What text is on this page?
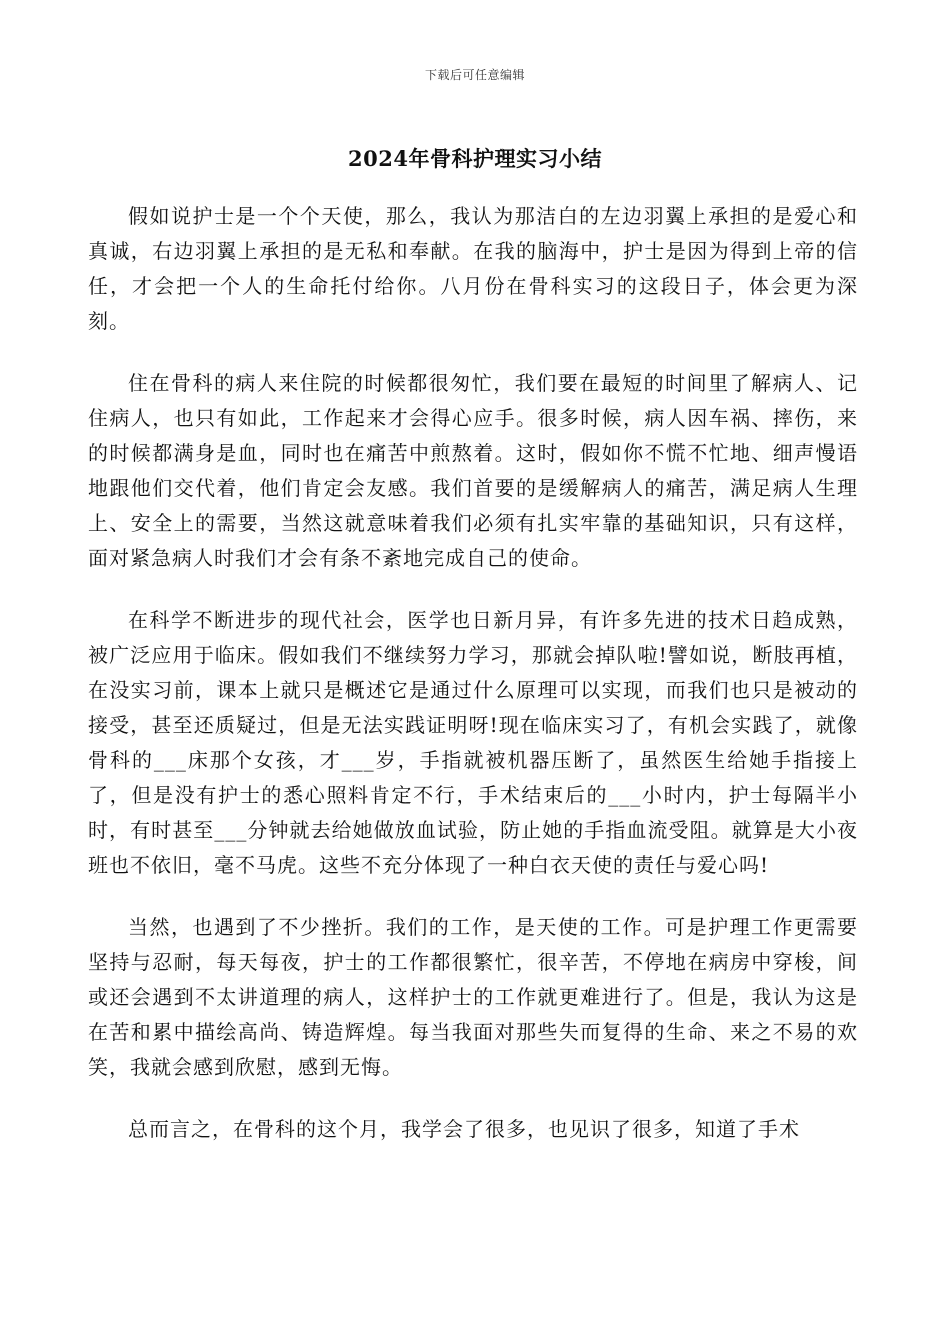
下载后可任意编辑
2024年骨科护理实习小结

假如说护士是一个个天使，那么，我认为那洁白的左边羽翼上承担的是爱心和真诚，右边羽翼上承担的是无私和奉献。在我的脑海中，护士是因为得到上帝的信任，才会把一个人的生命托付给你。八月份在骨科实习的这段日子，体会更为深刻。

住在骨科的病人来住院的时候都很匆忙，我们要在最短的时间里了解病人、记住病人，也只有如此，工作起来才会得心应手。很多时候，病人因车祸、摔伤，来的时候都满身是血，同时也在痛苦中煎熬着。这时，假如你不慌不忙地、细声慢语地跟他们交代着，他们肯定会友感。我们首要的是缓解病人的痛苦，满足病人生理上、安全上的需要，当然这就意味着我们必须有扎实牢靠的基础知识，只有这样，面对紧急病人时我们才会有条不紊地完成自己的使命。

在科学不断进步的现代社会，医学也日新月异，有许多先进的技术日趋成熟，被广泛应用于临床。假如我们不继续努力学习，那就会掉队啦!譬如说，断肢再植，在没实习前，课本上就只是概述它是通过什么原理可以实现，而我们也只是被动的接受，甚至还质疑过，但是无法实践证明呀!现在临床实习了，有机会实践了，就像骨科的___床那个女孩，才___岁，手指就被机器压断了，虽然医生给她手指接上了，但是没有护士的悉心照料肯定不行，手术结束后的___小时内，护士每隔半小时，有时甚至___分钟就去给她做放血试验，防止她的手指血流受阻。就算是大小夜班也不依旧，毫不马虎。这些不充分体现了一种白衣天使的责任与爱心吗!

当然，也遇到了不少挫折。我们的工作，是天使的工作。可是护理工作更需要坚持与忍耐，每天每夜，护士的工作都很繁忙，很辛苦，不停地在病房中穿梭，间或还会遇到不太讲道理的病人，这样护士的工作就更难进行了。但是，我认为这是在苦和累中描绘高尚、铸造辉煌。每当我面对那些失而复得的生命、来之不易的欢笑，我就会感到欣慰，感到无悔。

总而言之，在骨科的这个月，我学会了很多，也见识了很多，知道了手术
